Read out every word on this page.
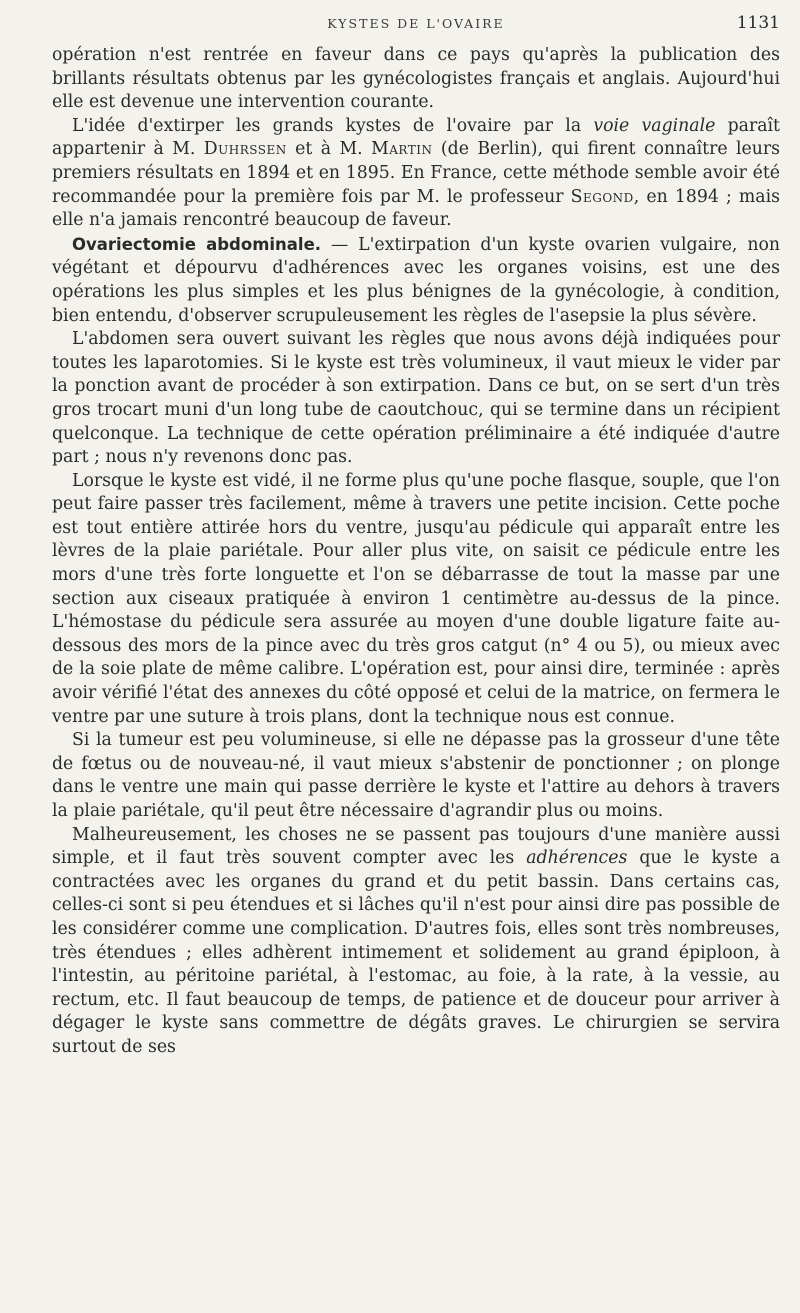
KYSTES DE L'OVAIRE	1131

opération n'est rentrée en faveur dans ce pays qu'après la publication des brillants résultats obtenus par les gynécologistes français et anglais. Aujourd'hui elle est devenue une intervention courante.

L'idée d'extirper les grands kystes de l'ovaire par la voie vaginale paraît appartenir à M. Duhrssen et à M. Martin (de Berlin), qui firent connaître leurs premiers résultats en 1894 et en 1895. En France, cette méthode semble avoir été recommandée pour la première fois par M. le professeur Segond, en 1894 ; mais elle n'a jamais rencontré beaucoup de faveur.

Ovariectomie abdominale. — L'extirpation d'un kyste ovarien vulgaire, non végétant et dépourvu d'adhérences avec les organes voisins, est une des opérations les plus simples et les plus bénignes de la gynécologie, à condition, bien entendu, d'observer scrupuleusement les règles de l'asepsie la plus sévère.

L'abdomen sera ouvert suivant les règles que nous avons déjà indiquées pour toutes les laparotomies. Si le kyste est très volumineux, il vaut mieux le vider par la ponction avant de procéder à son extirpation. Dans ce but, on se sert d'un très gros trocart muni d'un long tube de caoutchouc, qui se termine dans un récipient quelconque. La technique de cette opération préliminaire a été indiquée d'autre part ; nous n'y revenons donc pas.

Lorsque le kyste est vidé, il ne forme plus qu'une poche flasque, souple, que l'on peut faire passer très facilement, même à travers une petite incision. Cette poche est tout entière attirée hors du ventre, jusqu'au pédicule qui apparaît entre les lèvres de la plaie pariétale. Pour aller plus vite, on saisit ce pédicule entre les mors d'une très forte longuette et l'on se débarrasse de tout la masse par une section aux ciseaux pratiquée à environ 1 centimètre au-dessus de la pince. L'hémostase du pédicule sera assurée au moyen d'une double ligature faite au-dessous des mors de la pince avec du très gros catgut (n° 4 ou 5), ou mieux avec de la soie plate de même calibre. L'opération est, pour ainsi dire, terminée : après avoir vérifié l'état des annexes du côté opposé et celui de la matrice, on fermera le ventre par une suture à trois plans, dont la technique nous est connue.

Si la tumeur est peu volumineuse, si elle ne dépasse pas la grosseur d'une tête de fœtus ou de nouveau-né, il vaut mieux s'abstenir de ponctionner ; on plonge dans le ventre une main qui passe derrière le kyste et l'attire au dehors à travers la plaie pariétale, qu'il peut être nécessaire d'agrandir plus ou moins.

Malheureusement, les choses ne se passent pas toujours d'une manière aussi simple, et il faut très souvent compter avec les adhérences que le kyste a contractées avec les organes du grand et du petit bassin. Dans certains cas, celles-ci sont si peu étendues et si lâches qu'il n'est pour ainsi dire pas possible de les considérer comme une complication. D'autres fois, elles sont très nombreuses, très étendues ; elles adhèrent intimement et solidement au grand épiploon, à l'intestin, au péritoine pariétal, à l'estomac, au foie, à la rate, à la vessie, au rectum, etc. Il faut beaucoup de temps, de patience et de douceur pour arriver à dégager le kyste sans commettre de dégâts graves. Le chirurgien se servira surtout de ses
